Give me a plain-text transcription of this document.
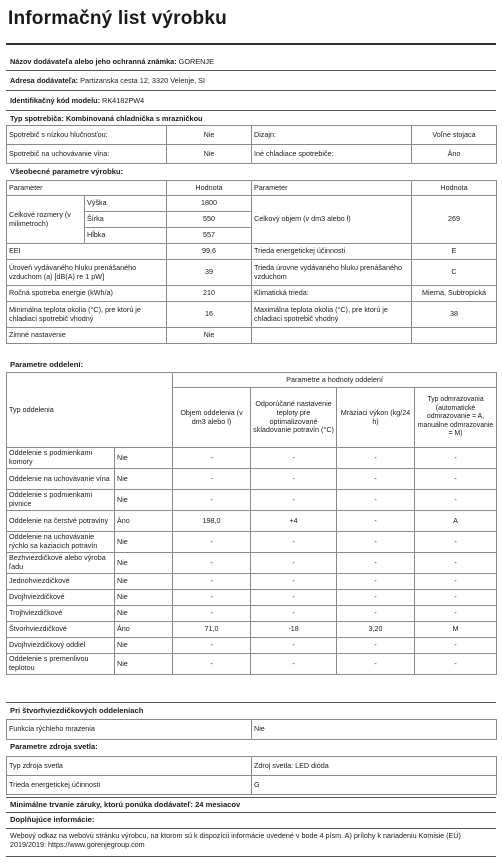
Informačný list výrobku
Názov dodávateľa alebo jeho ochranná známka: GORENJE
Adresa dodávateľa: Partizanska cesta 12, 3320 Velenje, SI
Identifikačný kód modelu: RK4182PW4
Typ spotrebiča: Kombinovaná chladnička s mrazničkou
Spotrebič s nízkou hlučnosťou:	Nie	Dizajn:	Voľne stojaca
Spotrebič na uchovávanie vína:	Nie	Iné chladiace spotrebiče:	Áno
Všeobecné parametre výrobku:
Parameter		Hodnota	Parameter	Hodnota
Celkové rozmery (v milimetroch)	Výška	1800	Celkový objem (v dm3 alebo l)	269
	Šírka	550		
	Hĺbka	557		
EEI		99,6	Trieda energetickej účinnosti	E
Úroveň vydávaného hluku prenášaného vzduchom (a) [dB(A) re 1 pW]		39	Trieda úrovne vydávaného hluku prenášaného vzduchom	C
Ročná spotreba energie (kWh/a)		210	Klimatická trieda:	Mierna, Subtropická
Minimálna teplota okolia (°C), pre ktorú je chladiaci spotrebič vhodný		16	Maximálna teplota okolia (°C), pre ktorú je chladiaci spotrebič vhodný	38
Zimné nastavenie		Nie		
Parametre oddelení:
Typ oddelenia		Parametre a hodnoty oddelení			
		Objem oddelenia (v dm3 alebo l)	Odporúčané nastavenie teploty pre optimalizované skladovanie potravín (°C)	Mraziaci výkon (kg/24 h)	Typ odmrazovania (automatické odmrazovanie = A, manuálne odmrazovanie = M)
Oddelenie s podmienkami komory	Nie	-	-	-	-
Oddelenie na uchovávanie vína	Nie	-	-	-	-
Oddelenie s podmienkami pivnice	Nie	-	-	-	-
Oddelenie na čerstvé potraviny	Áno	198,0	+4	-	A
Oddelenie na uchovávanie rýchlo sa kaziacich potravín	Nie	-	-	-	-
Bezhviezdičkové alebo výroba ľadu	Nie	-	-	-	-
Jednohviezdičkové	Nie	-	-	-	-
Dvojhviezdičkové	Nie	-	-	-	-
Trojhviezdičkové	Nie	-	-	-	-
Štvorhviezdičkové	Áno	71,0	-18	3,20	M
Dvojhviezdičkový oddiel	Nie	-	-	-	-
Oddelenie s premenlivou teplotou	Nie	-	-	-	-
Pri štvorhviezdičkových oddeleniach
Funkcia rýchleho mrazenia	Nie
Parametre zdroja svetla:
Typ zdroja svetla	Zdroj svetla: LED dióda
Trieda energetickej účinnosti	G
Minimálne trvanie záruky, ktorú ponúka dodávateľ: 24 mesiacov
Doplňujúce informácie:
Webový odkaz na webovú stránku výrobcu, na ktorom sú k dispozícii informácie uvedené v bode 4 písm. A) prílohy k nariadeniu Komisie (EÚ) 2019/2019: https://www.gorenjegroup.com
